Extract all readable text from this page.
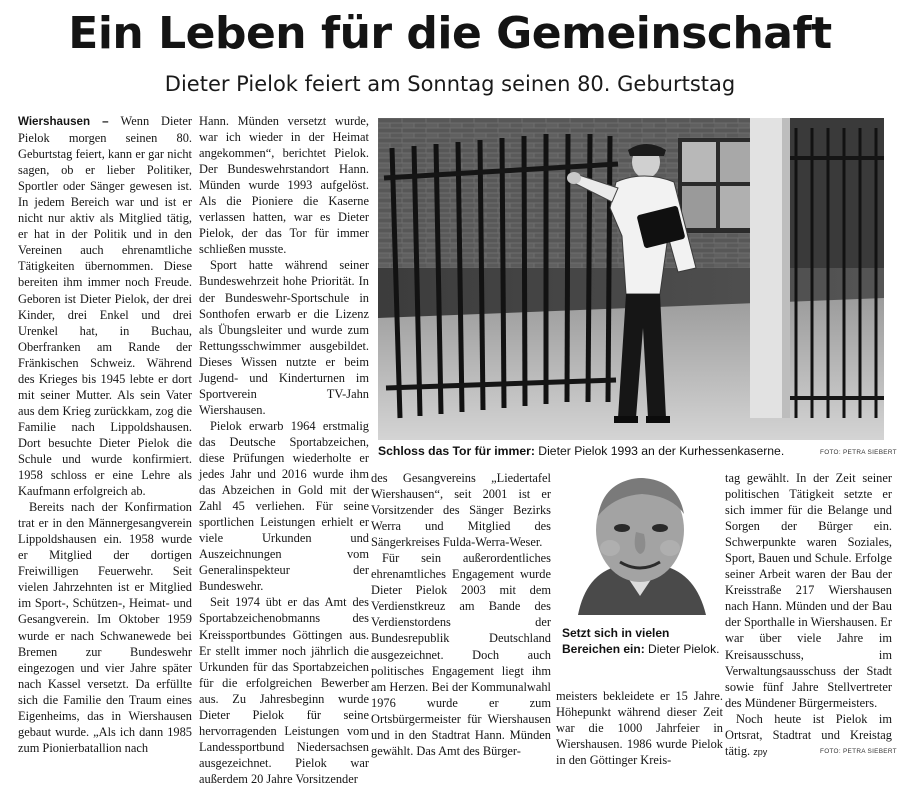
Ein Leben für die Gemeinschaft
Dieter Pielok feiert am Sonntag seinen 80. Geburtstag

Wiershausen – Wenn Dieter Pielok morgen seinen 80. Geburtstag feiert, kann er gar nicht sagen, ob er lieber Politiker, Sportler oder Sänger gewesen ist. In jedem Bereich war und ist er nicht nur aktiv als Mitglied tätig, er hat in der Politik und in den Vereinen auch ehrenamtliche Tätigkeiten übernommen. Diese bereiten ihm immer noch Freude. Geboren ist Dieter Pielok, der drei Kinder, drei Enkel und drei Urenkel hat, in Buchau, Oberfranken am Rande der Fränkischen Schweiz. Während des Krieges bis 1945 lebte er dort mit seiner Mutter. Als sein Vater aus dem Krieg zurückkam, zog die Familie nach Lippoldshausen. Dort besuchte Dieter Pielok die Schule und wurde konfirmiert. 1958 schloss er eine Lehre als Kaufmann erfolgreich ab.

Bereits nach der Konfirmation trat er in den Männergesangverein Lippoldshausen ein. 1958 wurde er Mitglied der dortigen Freiwilligen Feuerwehr. Seit vielen Jahrzehnten ist er Mitglied im Sport-, Schützen-, Heimat- und Gesangverein. Im Oktober 1959 wurde er nach Schwanewede bei Bremen zur Bundeswehr eingezogen und vier Jahre später nach Kassel versetzt. Da erfüllte sich die Familie den Traum eines Eigenheims, das in Wiershausen gebaut wurde. „Als ich dann 1985 zum Pionierbatallion nach

Hann. Münden versetzt wurde, war ich wieder in der Heimat angekommen“, berichtet Pielok. Der Bundeswehrstandort Hann. Münden wurde 1993 aufgelöst. Als die Pioniere die Kaserne verlassen hatten, war es Dieter Pielok, der das Tor für immer schließen musste.

Sport hatte während seiner Bundeswehrzeit hohe Priorität. In der Bundeswehr-Sportschule in Sonthofen erwarb er die Lizenz als Übungsleiter und wurde zum Rettungsschwimmer ausgebildet. Dieses Wissen nutzte er beim Jugend- und Kinderturnen im Sportverein TV-Jahn Wiershausen.

Pielok erwarb 1964 erstmalig das Deutsche Sportabzeichen, diese Prüfungen wiederholte er jedes Jahr und 2016 wurde ihm das Abzeichen in Gold mit der Zahl 45 verliehen. Für seine sportlichen Leistungen erhielt er viele Urkunden und Auszeichnungen vom Generalinspekteur der Bundeswehr.

Seit 1974 übt er das Amt des Sportabzeichenobmanns des Kreissportbundes Göttingen aus. Er stellt immer noch jährlich die Urkunden für das Sportabzeichen für die erfolgreichen Bewerber aus. Zu Jahresbeginn wurde Dieter Pielok für seine hervorragenden Leistungen vom Landessportbund Niedersachsen ausgezeichnet. Pielok war außerdem 20 Jahre Vorsitzender

Schloss das Tor für immer: Dieter Pielok 1993 an der Kurhessenkaserne.	FOTO: PETRA SIEBERT

des Gesangvereins „Liedertafel Wiershausen“, seit 2001 ist er Vorsitzender des Sänger Bezirks Werra und Mitglied des Sängerkreises Fulda-Werra-Weser.

Für sein außerordentliches ehrenamtliches Engagement wurde Dieter Pielok 2003 mit dem Verdienstkreuz am Bande des Verdienstordens der Bundesrepublik Deutschland ausgezeichnet. Doch auch politisches Engagement liegt ihm am Herzen. Bei der Kommunalwahl 1976 wurde er zum Ortsbürgermeister für Wiershausen und in den Stadtrat Hann. Münden gewählt. Das Amt des Bürger-

Setzt sich in vielen Bereichen ein: Dieter Pielok.

meisters bekleidete er 15 Jahre. Höhepunkt während dieser Zeit war die 1000 Jahrfeier in Wiershausen. 1986 wurde Pielok in den Göttinger Kreis-

tag gewählt. In der Zeit seiner politischen Tätigkeit setzte er sich immer für die Belange und Sorgen der Bürger ein. Schwerpunkte waren Soziales, Sport, Bauen und Schule. Erfolge seiner Arbeit waren der Bau der Kreisstraße 217 Wiershausen nach Hann. Münden und der Bau der Sporthalle in Wiershausen. Er war über viele Jahre im Kreisausschuss, im Verwaltungsausschuss der Stadt sowie fünf Jahre Stellvertreter des Mündener Bürgermeisters.

Noch heute ist Pielok im Ortsrat, Stadtrat und Kreistag tätig. zpy	FOTO: PETRA SIEBERT
